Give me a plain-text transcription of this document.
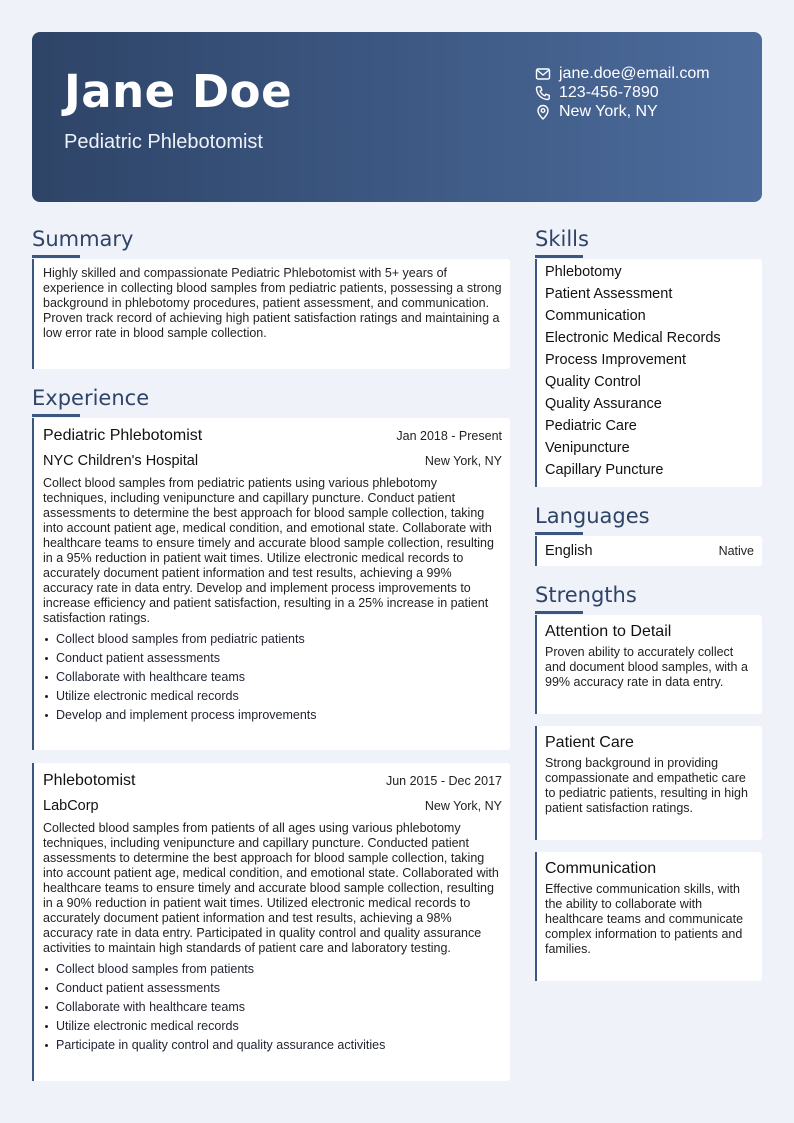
Jane Doe
Pediatric Phlebotomist
jane.doe@email.com
123-456-7890
New York, NY
Summary
Highly skilled and compassionate Pediatric Phlebotomist with 5+ years of experience in collecting blood samples from pediatric patients, possessing a strong background in phlebotomy procedures, patient assessment, and communication. Proven track record of achieving high patient satisfaction ratings and maintaining a low error rate in blood sample collection.
Experience
Pediatric Phlebotomist	Jan 2018 - Present
NYC Children's Hospital	New York, NY
Collect blood samples from pediatric patients using various phlebotomy techniques, including venipuncture and capillary puncture. Conduct patient assessments to determine the best approach for blood sample collection, taking into account patient age, medical condition, and emotional state. Collaborate with healthcare teams to ensure timely and accurate blood sample collection, resulting in a 95% reduction in patient wait times. Utilize electronic medical records to accurately document patient information and test results, achieving a 99% accuracy rate in data entry. Develop and implement process improvements to increase efficiency and patient satisfaction, resulting in a 25% increase in patient satisfaction ratings.
Collect blood samples from pediatric patients
Conduct patient assessments
Collaborate with healthcare teams
Utilize electronic medical records
Develop and implement process improvements
Phlebotomist	Jun 2015 - Dec 2017
LabCorp	New York, NY
Collected blood samples from patients of all ages using various phlebotomy techniques, including venipuncture and capillary puncture. Conducted patient assessments to determine the best approach for blood sample collection, taking into account patient age, medical condition, and emotional state. Collaborated with healthcare teams to ensure timely and accurate blood sample collection, resulting in a 90% reduction in patient wait times. Utilized electronic medical records to accurately document patient information and test results, achieving a 98% accuracy rate in data entry. Participated in quality control and quality assurance activities to maintain high standards of patient care and laboratory testing.
Collect blood samples from patients
Conduct patient assessments
Collaborate with healthcare teams
Utilize electronic medical records
Participate in quality control and quality assurance activities
Skills
Phlebotomy
Patient Assessment
Communication
Electronic Medical Records
Process Improvement
Quality Control
Quality Assurance
Pediatric Care
Venipuncture
Capillary Puncture
Languages
English	Native
Strengths
Attention to Detail
Proven ability to accurately collect and document blood samples, with a 99% accuracy rate in data entry.
Patient Care
Strong background in providing compassionate and empathetic care to pediatric patients, resulting in high patient satisfaction ratings.
Communication
Effective communication skills, with the ability to collaborate with healthcare teams and communicate complex information to patients and families.
